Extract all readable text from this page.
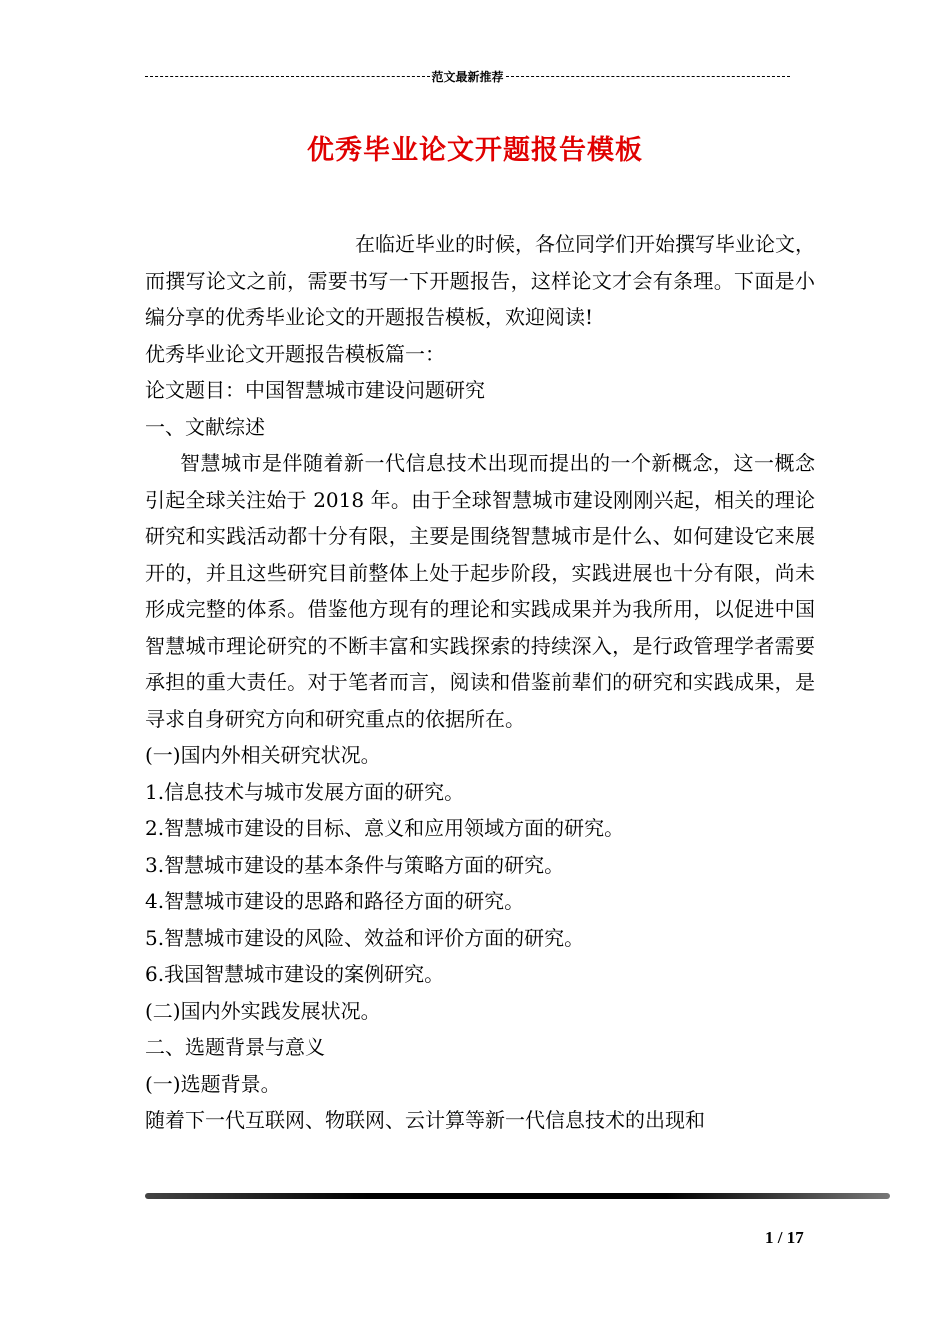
范文最新推荐
优秀毕业论文开题报告模板

在临近毕业的时候，各位同学们开始撰写毕业论文，而撰写论文之前，需要书写一下开题报告，这样论文才会有条理。下面是小编分享的优秀毕业论文的开题报告模板，欢迎阅读!

优秀毕业论文开题报告模板篇一：

论文题目：中国智慧城市建设问题研究

一、文献综述

智慧城市是伴随着新一代信息技术出现而提出的一个新概念，这一概念引起全球关注始于 2018 年。由于全球智慧城市建设刚刚兴起，相关的理论研究和实践活动都十分有限，主要是围绕智慧城市是什么、如何建设它来展开的，并且这些研究目前整体上处于起步阶段，实践进展也十分有限，尚未形成完整的体系。借鉴他方现有的理论和实践成果并为我所用，以促进中国智慧城市理论研究的不断丰富和实践探索的持续深入，是行政管理学者需要承担的重大责任。对于笔者而言，阅读和借鉴前辈们的研究和实践成果，是寻求自身研究方向和研究重点的依据所在。

(一)国内外相关研究状况。

1.信息技术与城市发展方面的研究。

2.智慧城市建设的目标、意义和应用领域方面的研究。

3.智慧城市建设的基本条件与策略方面的研究。

4.智慧城市建设的思路和路径方面的研究。

5.智慧城市建设的风险、效益和评价方面的研究。

6.我国智慧城市建设的案例研究。

(二)国内外实践发展状况。

二、选题背景与意义

(一)选题背景。

随着下一代互联网、物联网、云计算等新一代信息技术的出现和

1 / 17
